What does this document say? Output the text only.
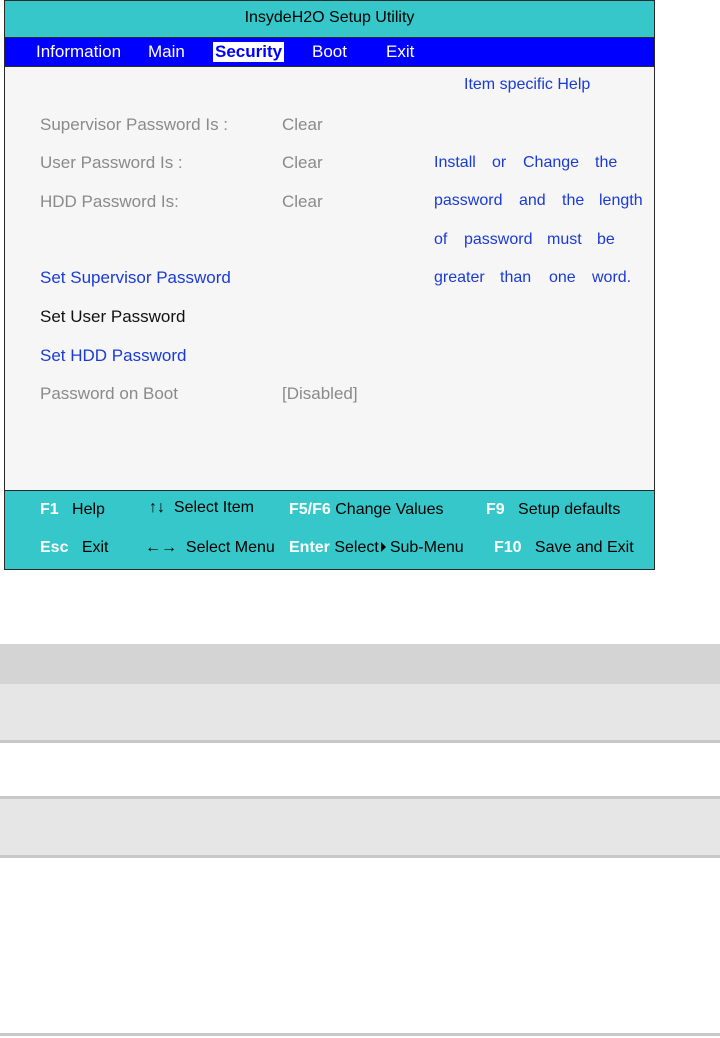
InsydeH2O Setup Utility
Information Main Security Boot Exit
Item specific Help
Supervisor Password Is :	Clear
User Password Is :	Clear
HDD Password Is:	Clear
Set Supervisor Password
Set User Password
Set HDD Password
Password on Boot	[Disabled]
Install or Change the
password and the length
of password must be
greater than one word.
F1 Help	↑↓ Select Item F5/F6 Change Values	F9 Setup defaults
Esc Exit ←→ Select Menu Enter Select Sub-Menu F10 Save and Exit
